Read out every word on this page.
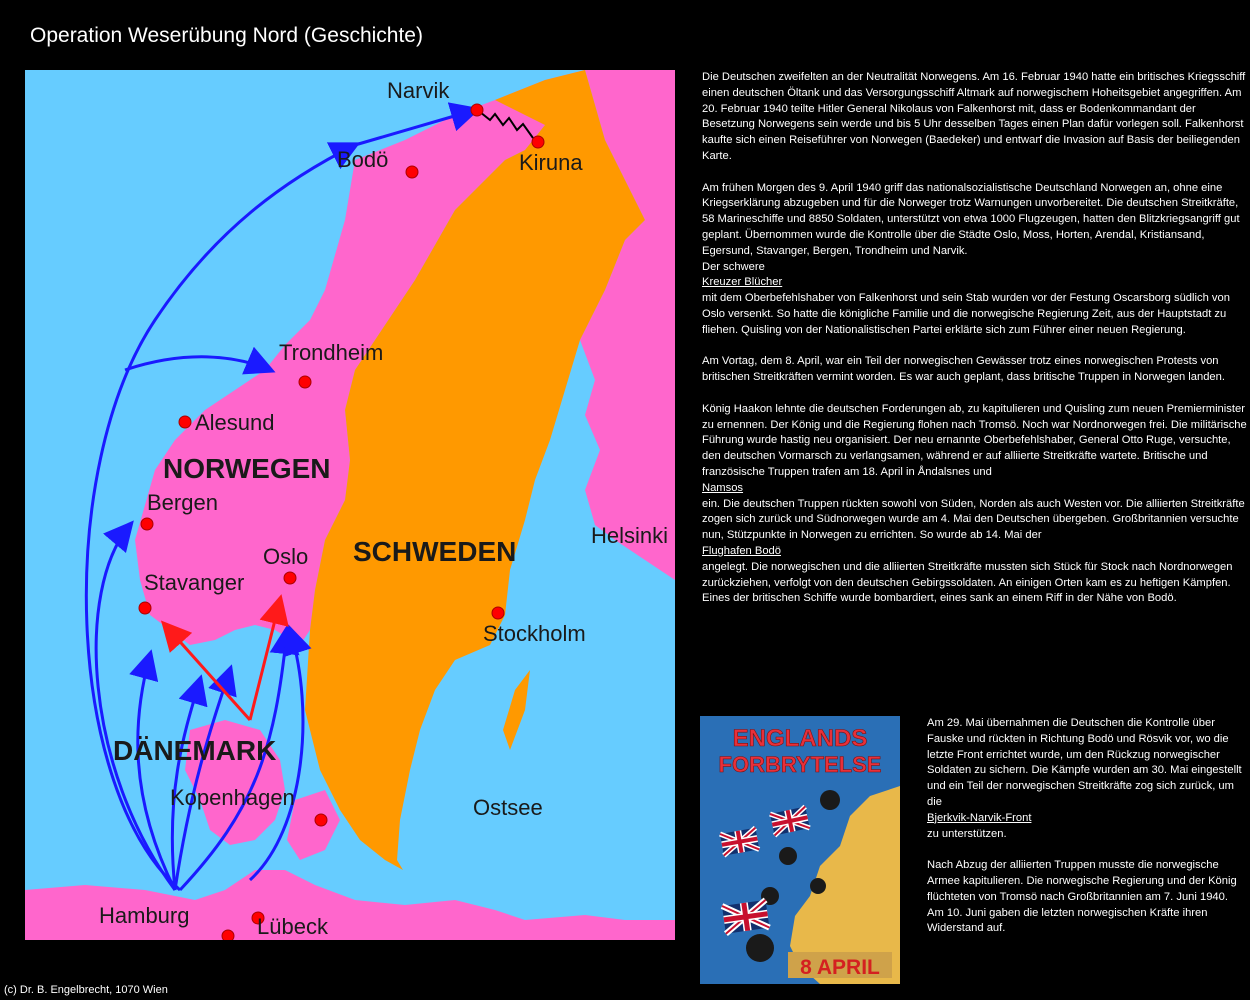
Operation Weserübung Nord (Geschichte)
Narvik
Kiruna
Bodö
Trondheim
Alesund
NORWEGEN
Bergen
Oslo
Stavanger
SCHWEDEN
Helsinki
Stockholm
DÄNEMARK
Kopenhagen	Ostsee
Hamburg	Lübeck

Die Deutschen zweifelten an der Neutralität Norwegens. Am 16. Februar 1940 hatte ein britisches Kriegsschiff einen deutschen Öltank und das Versorgungsschiff Altmark auf norwegischem Hoheitsgebiet angegriffen. Am 20. Februar 1940 teilte Hitler General Nikolaus von Falkenhorst mit, dass er Bodenkommandant der Besetzung Norwegens sein werde und bis 5 Uhr desselben Tages einen Plan dafür vorlegen soll. Falkenhorst kaufte sich einen Reiseführer von Norwegen (Baedeker) und entwarf die Invasion auf Basis der beiliegenden Karte.

Am frühen Morgen des 9. April 1940 griff das nationalsozialistische Deutschland Norwegen an, ohne eine Kriegserklärung abzugeben und für die Norweger trotz Warnungen unvorbereitet. Die deutschen Streitkräfte, 58 Marineschiffe und 8850 Soldaten, unterstützt von etwa 1000 Flugzeugen, hatten den Blitzkriegsangriff gut geplant. Übernommen wurde die Kontrolle über die Städte Oslo, Moss, Horten, Arendal, Kristiansand, Egersund, Stavanger, Bergen, Trondheim und Narvik.
Der schwere
Kreuzer Blücher
mit dem Oberbefehlshaber von Falkenhorst und sein Stab wurden vor der Festung Oscarsborg südlich von Oslo versenkt. So hatte die königliche Familie und die norwegische Regierung Zeit, aus der Hauptstadt zu fliehen. Quisling von der Nationalistischen Partei erklärte sich zum Führer einer neuen Regierung.

Am Vortag, dem 8. April, war ein Teil der norwegischen Gewässer trotz eines norwegischen Protests von britischen Streitkräften vermint worden. Es war auch geplant, dass britische Truppen in Norwegen landen.

König Haakon lehnte die deutschen Forderungen ab, zu kapitulieren und Quisling zum neuen Premierminister zu ernennen. Der König und die Regierung flohen nach Tromsö. Noch war Nordnorwegen frei. Die militärische Führung wurde hastig neu organisiert. Der neu ernannte Oberbefehlshaber, General Otto Ruge, versuchte, den deutschen Vormarsch zu verlangsamen, während er auf alliierte Streitkräfte wartete. Britische und französische Truppen trafen am 18. April in Åndalsnes und
Namsos
ein. Die deutschen Truppen rückten sowohl von Süden, Norden als auch Westen vor. Die alliierten Streitkräfte zogen sich zurück und Südnorwegen wurde am 4. Mai den Deutschen übergeben. Großbritannien versuchte nun, Stützpunkte in Norwegen zu errichten. So wurde ab 14. Mai der
Flughafen Bodö
angelegt. Die norwegischen und die alliierten Streitkräfte mussten sich Stück für Stock nach Nordnorwegen zurückziehen, verfolgt von den deutschen Gebirgssoldaten. An einigen Orten kam es zu heftigen Kämpfen. Eines der britischen Schiffe wurde bombardiert, eines sank an einem Riff in der Nähe von Bodö.

ENGLANDS
FORBRYTELSE
8 APRIL

Am 29. Mai übernahmen die Deutschen die Kontrolle über Fauske und rückten in Richtung Bodö und Rösvik vor, wo die letzte Front errichtet wurde, um den Rückzug norwegischer Soldaten zu sichern. Die Kämpfe wurden am 30. Mai eingestellt und ein Teil der norwegischen Streitkräfte zog sich zurück, um die
Bjerkvik-Narvik-Front
zu unterstützen.

Nach Abzug der alliierten Truppen musste die norwegische Armee kapitulieren. Die norwegische Regierung und der König flüchteten von Tromsö nach Großbritannien am 7. Juni 1940. Am 10. Juni gaben die letzten norwegischen Kräfte ihren Widerstand auf.

(c) Dr. B. Engelbrecht, 1070 Wien
